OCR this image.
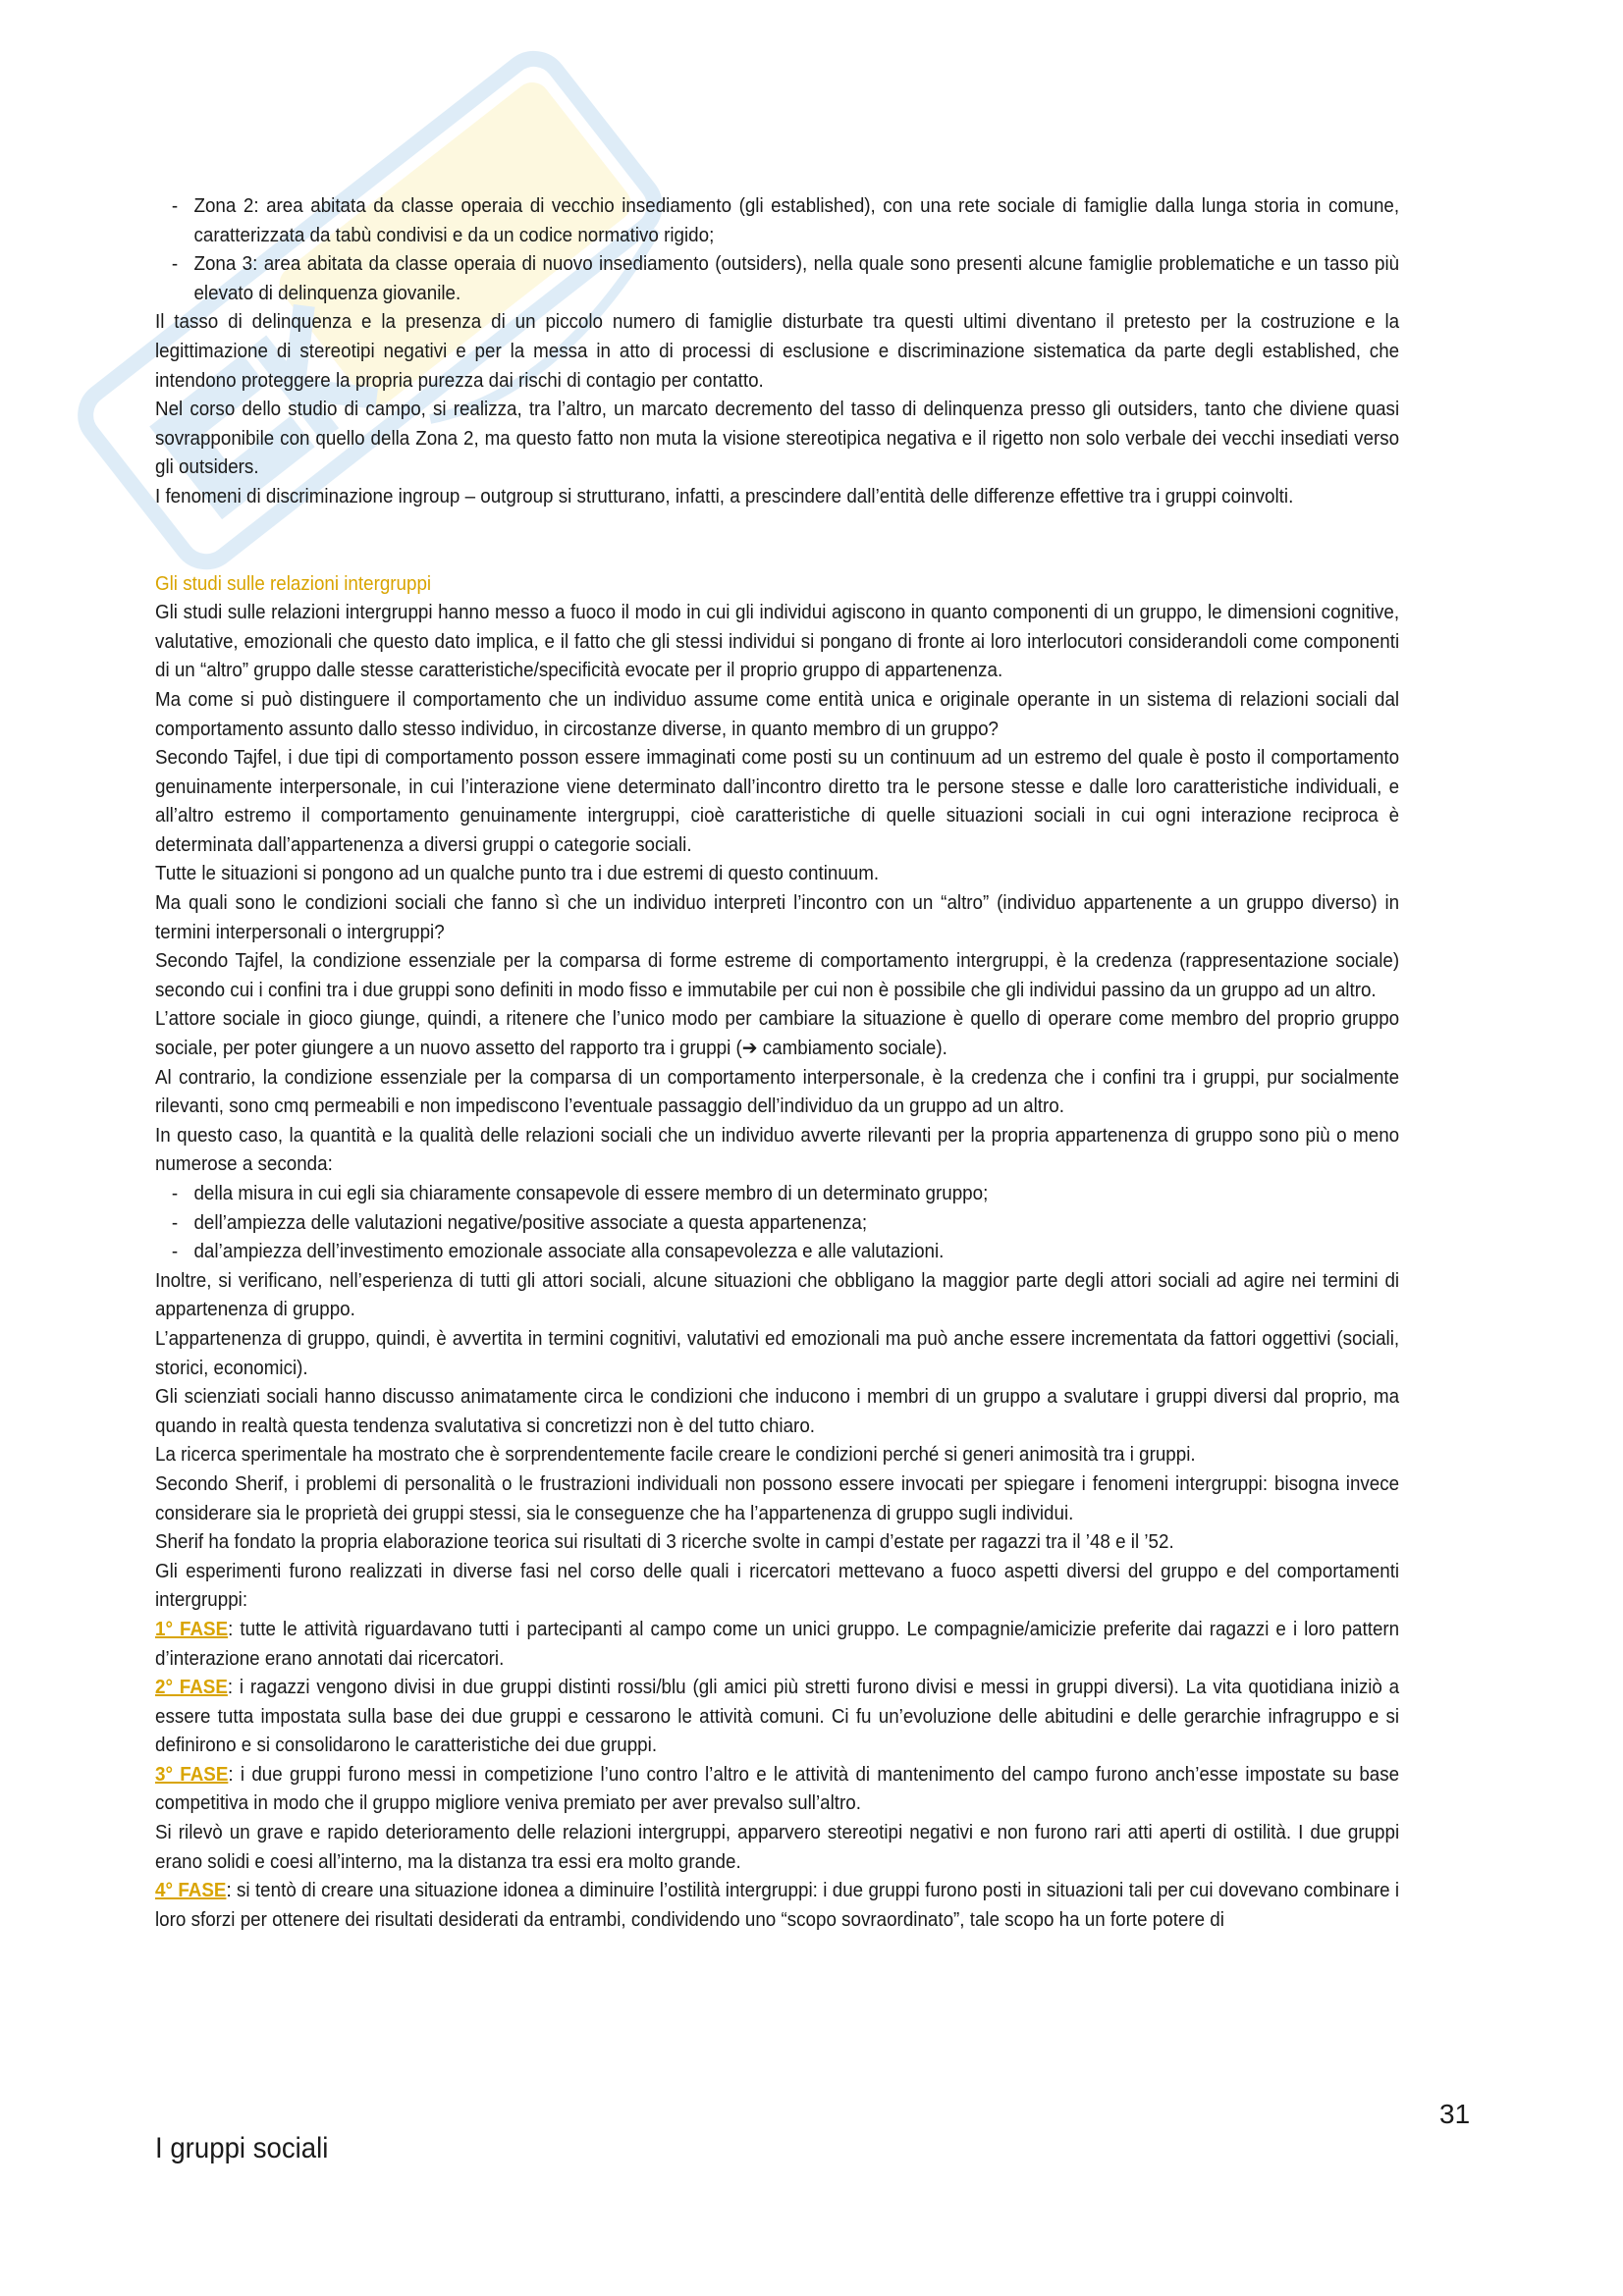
- Zona 2: area abitata da classe operaia di vecchio insediamento (gli established), con una rete sociale di famiglie dalla lunga storia in comune, caratterizzata da tabù condivisi e da un codice normativo rigido;
- Zona 3: area abitata da classe operaia di nuovo insediamento (outsiders), nella quale sono presenti alcune famiglie problematiche e un tasso più elevato di delinquenza giovanile.

Il tasso di delinquenza e la presenza di un piccolo numero di famiglie disturbate tra questi ultimi diventano il pretesto per la costruzione e la legittimazione di stereotipi negativi e per la messa in atto di processi di esclusione e discriminazione sistematica da parte degli established, che intendono proteggere la propria purezza dai rischi di contagio per contatto.

Nel corso dello studio di campo, si realizza, tra l’altro, un marcato decremento del tasso di delinquenza presso gli outsiders, tanto che diviene quasi sovrapponibile con quello della Zona 2, ma questo fatto non muta la visione stereotipica negativa e il rigetto non solo verbale dei vecchi insediati verso gli outsiders.

I fenomeni di discriminazione ingroup – outgroup si strutturano, infatti, a prescindere dall’entità delle differenze effettive tra i gruppi coinvolti.

Gli studi sulle relazioni intergruppi

Gli studi sulle relazioni intergruppi hanno messo a fuoco il modo in cui gli individui agiscono in quanto componenti di un gruppo, le dimensioni cognitive, valutative, emozionali che questo dato implica, e il fatto che gli stessi individui si pongano di fronte ai loro interlocutori considerandoli come componenti di un “altro” gruppo dalle stesse caratteristiche/specificità evocate per il proprio gruppo di appartenenza.

Ma come si può distinguere il comportamento che un individuo assume come entità unica e originale operante in un sistema di relazioni sociali dal comportamento assunto dallo stesso individuo, in circostanze diverse, in quanto membro di un gruppo?

Secondo Tajfel, i due tipi di comportamento posson essere immaginati come posti su un continuum ad un estremo del quale è posto il comportamento genuinamente interpersonale, in cui l’interazione viene determinato dall’incontro diretto tra le persone stesse e dalle loro caratteristiche individuali, e all’altro estremo il comportamento genuinamente intergruppi, cioè caratteristiche di quelle situazioni sociali in cui ogni interazione reciproca è determinata dall’appartenenza a diversi gruppi o categorie sociali.

Tutte le situazioni si pongono ad un qualche punto tra i due estremi di questo continuum.

Ma quali sono le condizioni sociali che fanno sì che un individuo interpreti l’incontro con un “altro” (individuo appartenente a un gruppo diverso) in termini interpersonali o intergruppi?

Secondo Tajfel, la condizione essenziale per la comparsa di forme estreme di comportamento intergruppi, è la credenza (rappresentazione sociale) secondo cui i confini tra i due gruppi sono definiti in modo fisso e immutabile per cui non è possibile che gli individui passino da un gruppo ad un altro.

L’attore sociale in gioco giunge, quindi, a ritenere che l’unico modo per cambiare la situazione è quello di operare come membro del proprio gruppo sociale, per poter giungere a un nuovo assetto del rapporto tra i gruppi (➔ cambiamento sociale).

Al contrario, la condizione essenziale per la comparsa di un comportamento interpersonale, è la credenza che i confini tra i gruppi, pur socialmente rilevanti, sono cmq permeabili e non impediscono l’eventuale passaggio dell’individuo da un gruppo ad un altro.

In questo caso, la quantità e la qualità delle relazioni sociali che un individuo avverte rilevanti per la propria appartenenza di gruppo sono più o meno numerose a seconda:

- della misura in cui egli sia chiaramente consapevole di essere membro di un determinato gruppo;
- dell’ampiezza delle valutazioni negative/positive associate a questa appartenenza;
- dal’ampiezza dell’investimento emozionale associate alla consapevolezza e alle valutazioni.

Inoltre, si verificano, nell’esperienza di tutti gli attori sociali, alcune situazioni che obbligano la maggior parte degli attori sociali ad agire nei termini di appartenenza di gruppo.

L’appartenenza di gruppo, quindi, è avvertita in termini cognitivi, valutativi ed emozionali ma può anche essere incrementata da fattori oggettivi (sociali, storici, economici).

Gli scienziati sociali hanno discusso animatamente circa le condizioni che inducono i membri di un gruppo a svalutare i gruppi diversi dal proprio, ma quando in realtà questa tendenza svalutativa si concretizzi non è del tutto chiaro.

La ricerca sperimentale ha mostrato che è sorprendentemente facile creare le condizioni perché si generi animosità tra i gruppi.

Secondo Sherif, i problemi di personalità o le frustrazioni individuali non possono essere invocati per spiegare i fenomeni intergruppi: bisogna invece considerare sia le proprietà dei gruppi stessi, sia le conseguenze che ha l’appartenenza di gruppo sugli individui.

Sherif ha fondato la propria elaborazione teorica sui risultati di 3 ricerche svolte in campi d’estate per ragazzi tra il ’48 e il ’52.

Gli esperimenti furono realizzati in diverse fasi nel corso delle quali i ricercatori mettevano a fuoco aspetti diversi del gruppo e del comportamenti intergruppi:

1° FASE: tutte le attività riguardavano tutti i partecipanti al campo come un unici gruppo. Le compagnie/amicizie preferite dai ragazzi e i loro pattern d’interazione erano annotati dai ricercatori.

2° FASE: i ragazzi vengono divisi in due gruppi distinti rossi/blu (gli amici più stretti furono divisi e messi in gruppi diversi). La vita quotidiana iniziò a essere tutta impostata sulla base dei due gruppi e cessarono le attività comuni. Ci fu un’evoluzione delle abitudini e delle gerarchie infragruppo e si definirono e si consolidarono le caratteristiche dei due gruppi.

3° FASE: i due gruppi furono messi in competizione l’uno contro l’altro e le attività di mantenimento del campo furono anch’esse impostate su base competitiva in modo che il gruppo migliore veniva premiato per aver prevalso sull’altro.

Si rilevò un grave e rapido deterioramento delle relazioni intergruppi, apparvero stereotipi negativi e non furono rari atti aperti di ostilità. I due gruppi erano solidi e coesi all’interno, ma la distanza tra essi era molto grande.

4° FASE: si tentò di creare una situazione idonea a diminuire l’ostilità intergruppi: i due gruppi furono posti in situazioni tali per cui dovevano combinare i loro sforzi per ottenere dei risultati desiderati da entrambi, condividendo uno “scopo sovraordinato”, tale scopo ha un forte potere di

31
I gruppi sociali
